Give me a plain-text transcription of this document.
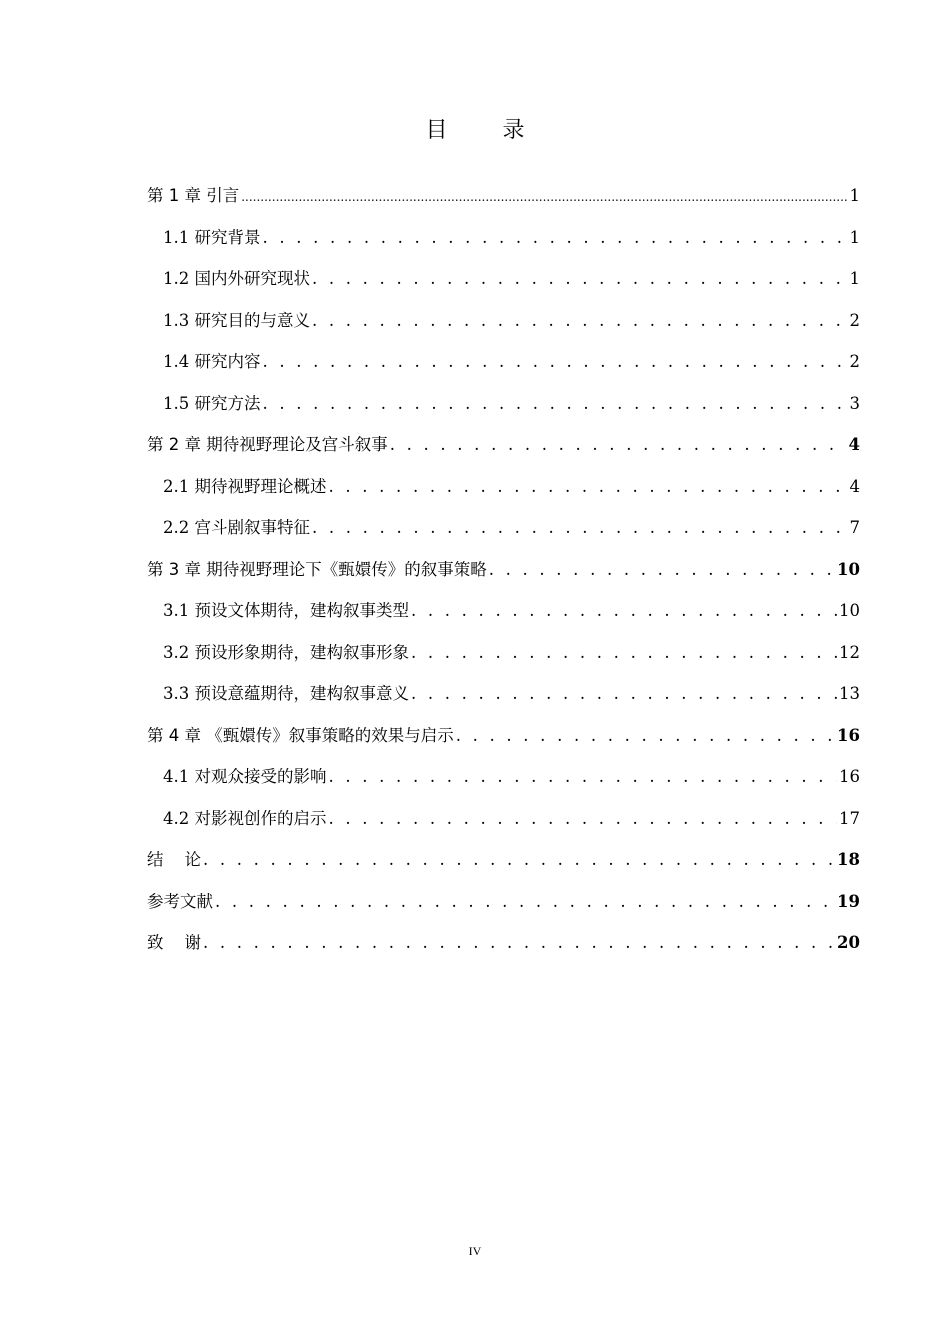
目 录
第 1 章 引言 .....	1
1.1 研究背景 . . .	1
1.2 国内外研究现状 . . .	1
1.3 研究目的与意义 . . .	2
1.4 研究内容 . . .	2
1.5 研究方法 . . .	3
第 2 章 期待视野理论及宫斗叙事 . . .	4
2.1 期待视野理论概述 . . .	4
2.2 宫斗剧叙事特征 . . .	7
第 3 章 期待视野理论下《甄嬛传》的叙事策略 . . .	10
3.1 预设文体期待，建构叙事类型 . . .	10
3.2 预设形象期待，建构叙事形象 . . .	12
3.3 预设意蕴期待，建构叙事意义 . . .	13
第 4 章 《甄嬛传》叙事策略的效果与启示 . . .	16
4.1 对观众接受的影响 . . .	16
4.2 对影视创作的启示 . . .	17
结    论 . . .	18
参考文献 . . .	19
致    谢 . . .	20
IV
